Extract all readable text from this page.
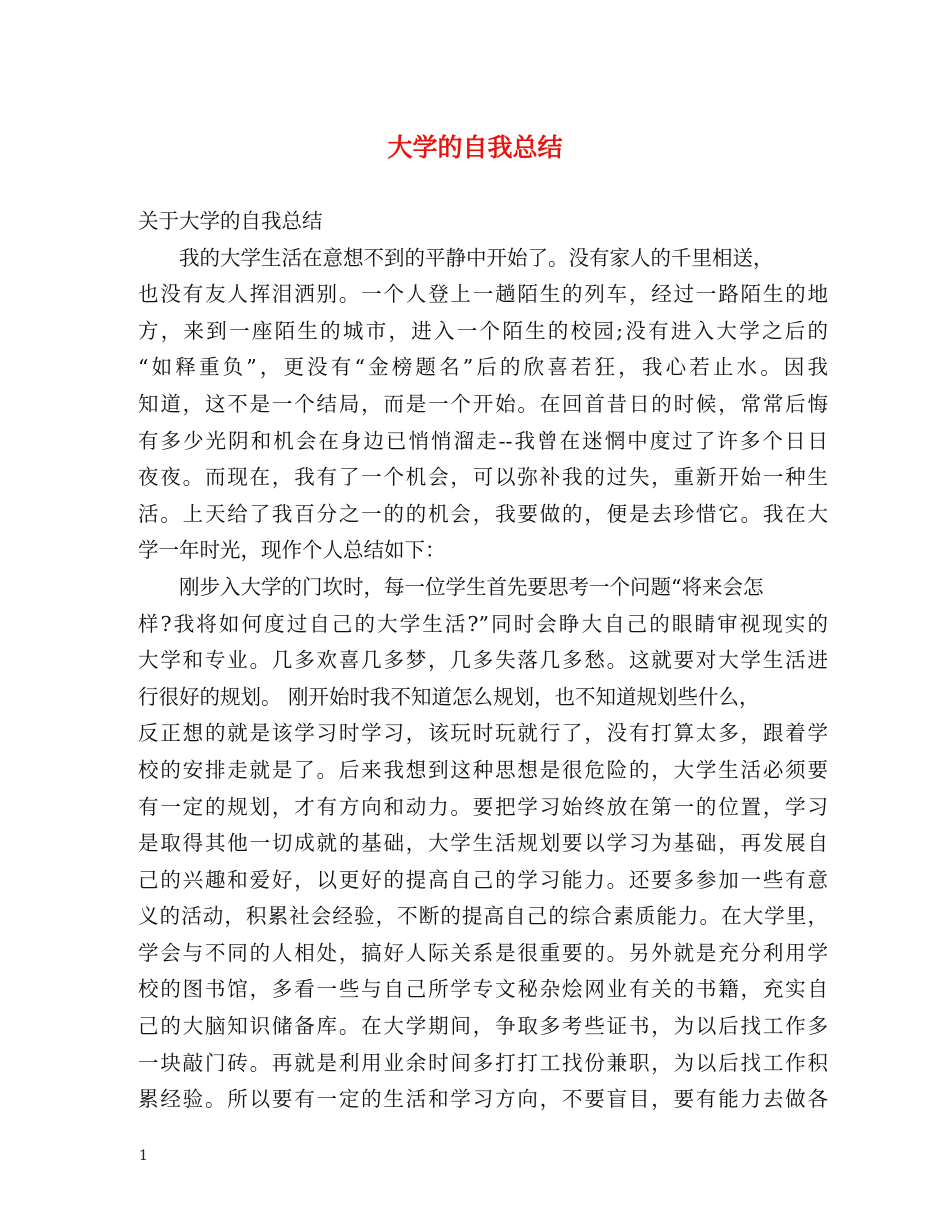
大学的自我总结
关于大学的自我总结
我的大学生活在意想不到的平静中开始了。没有家人的千里相送，
也没有友人挥泪洒别。一个人登上一趟陌生的列车，经过一路陌生的地
方，来到一座陌生的城市，进入一个陌生的校园;没有进入大学之后的
“如释重负”，更没有“金榜题名”后的欣喜若狂，我心若止水。因我
知道，这不是一个结局，而是一个开始。在回首昔日的时候，常常后悔
有多少光阴和机会在身边已悄悄溜走--我曾在迷惘中度过了许多个日日
夜夜。而现在，我有了一个机会，可以弥补我的过失，重新开始一种生
活。上天给了我百分之一的的机会，我要做的，便是去珍惜它。我在大
学一年时光，现作个人总结如下：
刚步入大学的门坎时，每一位学生首先要思考一个问题“将来会怎
样?我将如何度过自己的大学生活?”同时会睁大自己的眼睛审视现实的
大学和专业。几多欢喜几多梦，几多失落几多愁。这就要对大学生活进
行很好的规划。 刚开始时我不知道怎么规划，也不知道规划些什么，
反正想的就是该学习时学习，该玩时玩就行了，没有打算太多，跟着学
校的安排走就是了。后来我想到这种思想是很危险的，大学生活必须要
有一定的规划，才有方向和动力。要把学习始终放在第一的位置，学习
是取得其他一切成就的基础，大学生活规划要以学习为基础，再发展自
己的兴趣和爱好，以更好的提高自己的学习能力。还要多参加一些有意
义的活动，积累社会经验，不断的提高自己的综合素质能力。在大学里，
学会与不同的人相处，搞好人际关系是很重要的。另外就是充分利用学
校的图书馆，多看一些与自己所学专文秘杂烩网业有关的书籍，充实自
己的大脑知识储备库。在大学期间，争取多考些证书，为以后找工作多
一块敲门砖。再就是利用业余时间多打打工找份兼职，为以后找工作积
累经验。所以要有一定的生活和学习方向，不要盲目，要有能力去做各
1
